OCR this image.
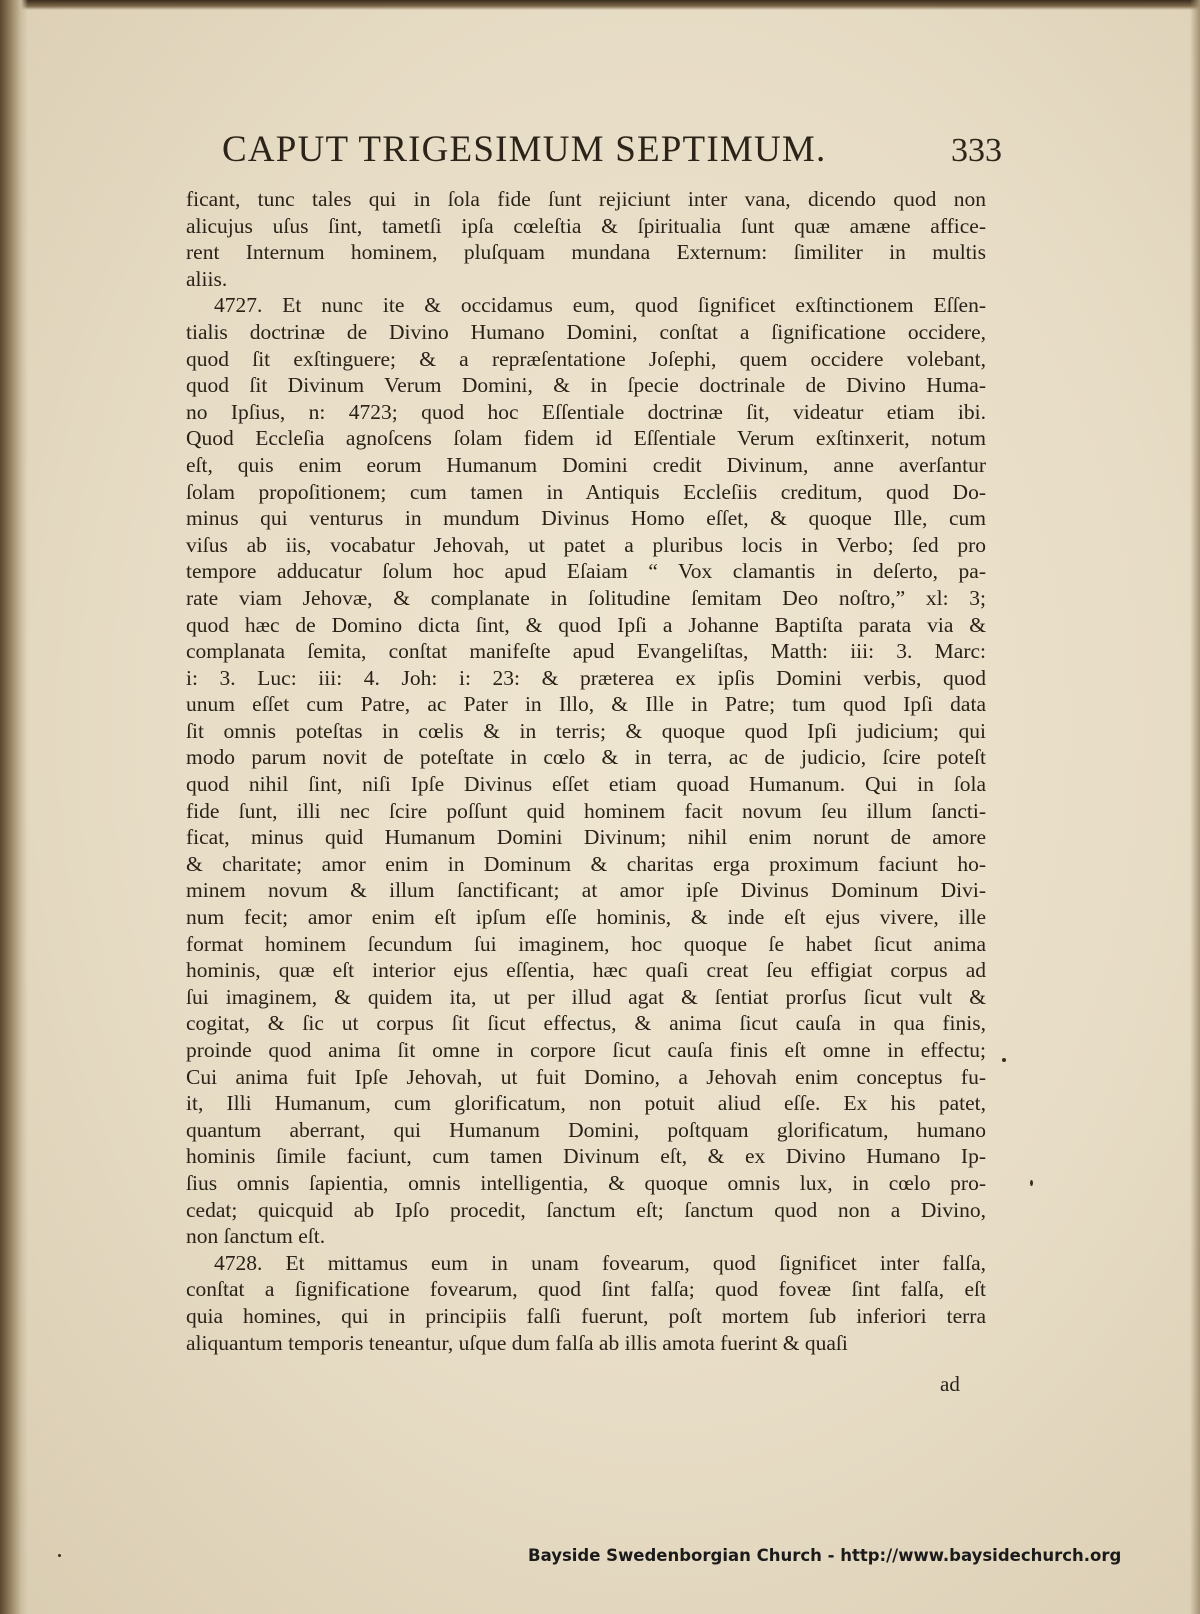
CAPUT TRIGESIMUM SEPTIMUM.	333
ficant, tunc tales qui in ſola fide ſunt rejiciunt inter vana, dicendo quod non
alicujus uſus ſint, tametſi ipſa cœleſtia & ſpiritualia ſunt quæ amæne affice-
rent Internum hominem, pluſquam mundana Externum: ſimiliter in multis
aliis.
4727. Et nunc ite & occidamus eum, quod ſignificet exſtinctionem Eſſen-
tialis doctrinæ de Divino Humano Domini, conſtat a ſignificatione occidere,
quod ſit exſtinguere; & a repræſentatione Joſephi, quem occidere volebant,
quod ſit Divinum Verum Domini, & in ſpecie doctrinale de Divino Huma-
no Ipſius, n: 4723; quod hoc Eſſentiale doctrinæ ſit, videatur etiam ibi.
Quod Eccleſia agnoſcens ſolam fidem id Eſſentiale Verum exſtinxerit, notum
eſt, quis enim eorum Humanum Domini credit Divinum, anne averſantur
ſolam propoſitionem; cum tamen in Antiquis Eccleſiis creditum, quod Do-
minus qui venturus in mundum Divinus Homo eſſet, & quoque Ille, cum
viſus ab iis, vocabatur Jehovah, ut patet a pluribus locis in Verbo; ſed pro
tempore adducatur ſolum hoc apud Eſaiam “ Vox clamantis in deſerto, pa-
rate viam Jehovæ, & complanate in ſolitudine ſemitam Deo noſtro,” xl: 3;
quod hæc de Domino dicta ſint, & quod Ipſi a Johanne Baptiſta parata via &
complanata ſemita, conſtat manifeſte apud Evangeliſtas, Matth: iii: 3. Marc:
i: 3. Luc: iii: 4. Joh: i: 23: & præterea ex ipſis Domini verbis, quod
unum eſſet cum Patre, ac Pater in Illo, & Ille in Patre; tum quod Ipſi data
ſit omnis poteſtas in cœlis & in terris; & quoque quod Ipſi judicium; qui
modo parum novit de poteſtate in cœlo & in terra, ac de judicio, ſcire poteſt
quod nihil ſint, niſi Ipſe Divinus eſſet etiam quoad Humanum. Qui in ſola
fide ſunt, illi nec ſcire poſſunt quid hominem facit novum ſeu illum ſancti-
ficat, minus quid Humanum Domini Divinum; nihil enim norunt de amore
& charitate; amor enim in Dominum & charitas erga proximum faciunt ho-
minem novum & illum ſanctificant; at amor ipſe Divinus Dominum Divi-
num fecit; amor enim eſt ipſum eſſe hominis, & inde eſt ejus vivere, ille
format hominem ſecundum ſui imaginem, hoc quoque ſe habet ſicut anima
hominis, quæ eſt interior ejus eſſentia, hæc quaſi creat ſeu effigiat corpus ad
ſui imaginem, & quidem ita, ut per illud agat & ſentiat prorſus ſicut vult &
cogitat, & ſic ut corpus ſit ſicut effectus, & anima ſicut cauſa in qua finis,
proinde quod anima ſit omne in corpore ſicut cauſa finis eſt omne in effectu;
Cui anima fuit Ipſe Jehovah, ut fuit Domino, a Jehovah enim conceptus fu-
it, Illi Humanum, cum glorificatum, non potuit aliud eſſe. Ex his patet,
quantum aberrant, qui Humanum Domini, poſtquam glorificatum, humano
hominis ſimile faciunt, cum tamen Divinum eſt, & ex Divino Humano Ip-
ſius omnis ſapientia, omnis intelligentia, & quoque omnis lux, in cœlo pro-
cedat; quicquid ab Ipſo procedit, ſanctum eſt; ſanctum quod non a Divino,
non ſanctum eſt.
4728. Et mittamus eum in unam fovearum, quod ſignificet inter falſa,
conſtat a ſignificatione fovearum, quod ſint falſa; quod foveæ ſint falſa, eſt
quia homines, qui in principiis falſi fuerunt, poſt mortem ſub inferiori terra
aliquantum temporis teneantur, uſque dum falſa ab illis amota fuerint & quaſi
ad
Bayside Swedenborgian Church - http://www.baysidechurch.org
